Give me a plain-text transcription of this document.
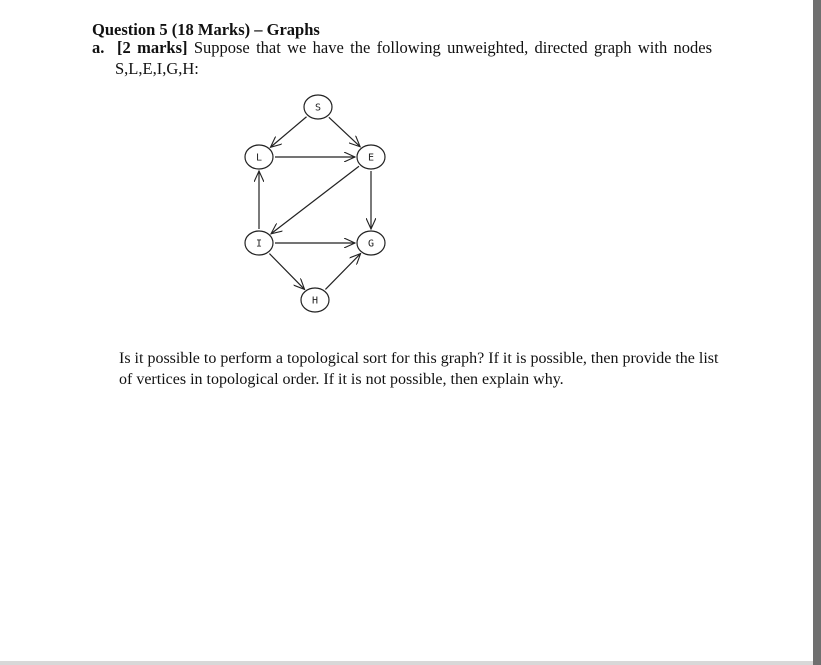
Question 5 (18 Marks) – Graphs
a. [2 marks] Suppose that we have the following unweighted, directed graph with nodes
S,L,E,I,G,H:
S
L	E
I	G
H
Is it possible to perform a topological sort for this graph? If it is possible, then provide the list of vertices in topological order. If it is not possible, then explain why.
